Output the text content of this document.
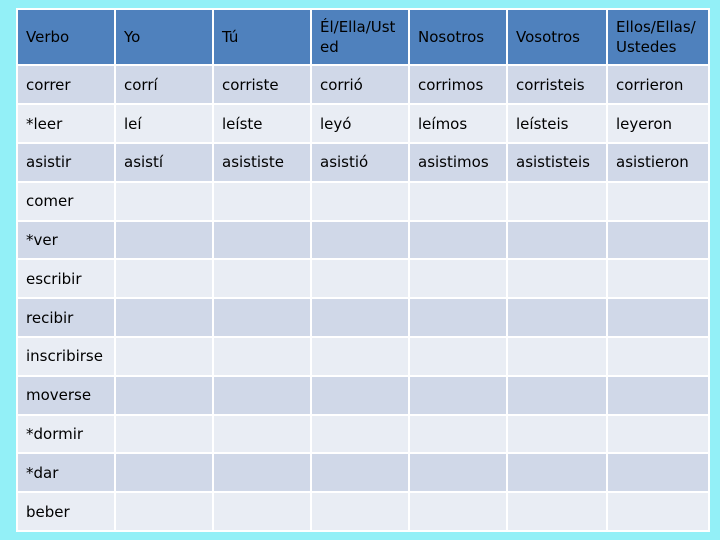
Verbo	Yo	Tú	Él/Ella/Ust ed	Nosotros	Vosotros	Ellos/Ellas/ Ustedes
correr	corrí	corriste	corrió	corrimos	corristeis	corrieron
*leer	leí	leíste	leyó	leímos	leísteis	leyeron
asistir	asistí	asististe	asistió	asistimos	asististeis	asistieron
comer						
*ver						
escribir						
recibir						
inscribirse						
moverse						
*dormir						
*dar						
beber						
